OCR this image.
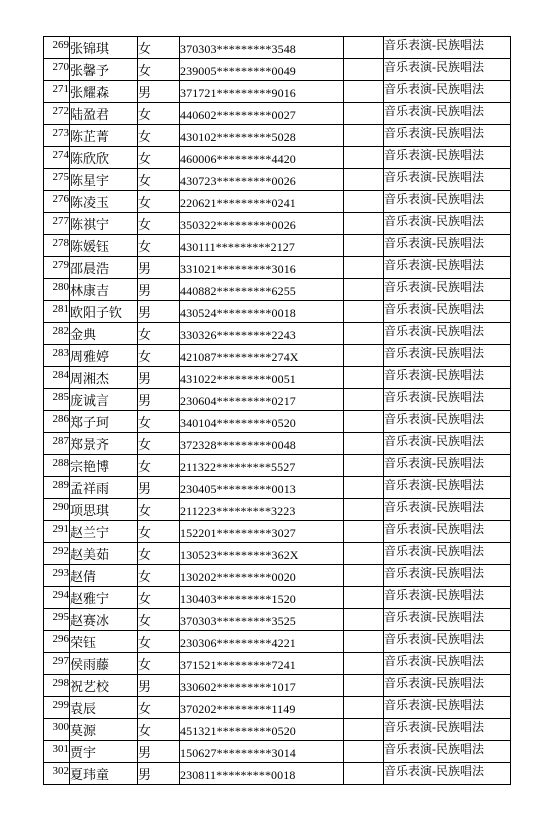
269	张锦琪	女	370303*********3548		音乐表演-民族唱法
270	张馨予	女	239005*********0049		音乐表演-民族唱法
271	张耀森	男	371721*********9016		音乐表演-民族唱法
272	陆盈君	女	440602*********0027		音乐表演-民族唱法
273	陈芷菁	女	430102*********5028		音乐表演-民族唱法
274	陈欣欣	女	460006*********4420		音乐表演-民族唱法
275	陈星宇	女	430723*********0026		音乐表演-民族唱法
276	陈凌玉	女	220621*********0241		音乐表演-民族唱法
277	陈祺宁	女	350322*********0026		音乐表演-民族唱法
278	陈媛钰	女	430111*********2127		音乐表演-民族唱法
279	邵晨浩	男	331021*********3016		音乐表演-民族唱法
280	林康吉	男	440882*********6255		音乐表演-民族唱法
281	欧阳子钦	男	430524*********0018		音乐表演-民族唱法
282	金典	女	330326*********2243		音乐表演-民族唱法
283	周雅婷	女	421087*********274X		音乐表演-民族唱法
284	周湘杰	男	431022*********0051		音乐表演-民族唱法
285	庞诚言	男	230604*********0217		音乐表演-民族唱法
286	郑子珂	女	340104*********0520		音乐表演-民族唱法
287	郑景齐	女	372328*********0048		音乐表演-民族唱法
288	宗艳博	女	211322*********5527		音乐表演-民族唱法
289	孟祥雨	男	230405*********0013		音乐表演-民族唱法
290	项思琪	女	211223*********3223		音乐表演-民族唱法
291	赵兰宁	女	152201*********3027		音乐表演-民族唱法
292	赵美茹	女	130523*********362X		音乐表演-民族唱法
293	赵倩	女	130202*********0020		音乐表演-民族唱法
294	赵雅宁	女	130403*********1520		音乐表演-民族唱法
295	赵赛冰	女	370303*********3525		音乐表演-民族唱法
296	荣钰	女	230306*********4221		音乐表演-民族唱法
297	侯雨藤	女	371521*********7241		音乐表演-民族唱法
298	祝艺校	男	330602*********1017		音乐表演-民族唱法
299	袁辰	女	370202*********1149		音乐表演-民族唱法
300	莫源	女	451321*********0520		音乐表演-民族唱法
301	贾宇	男	150627*********3014		音乐表演-民族唱法
302	夏玮童	男	230811*********0018		音乐表演-民族唱法
